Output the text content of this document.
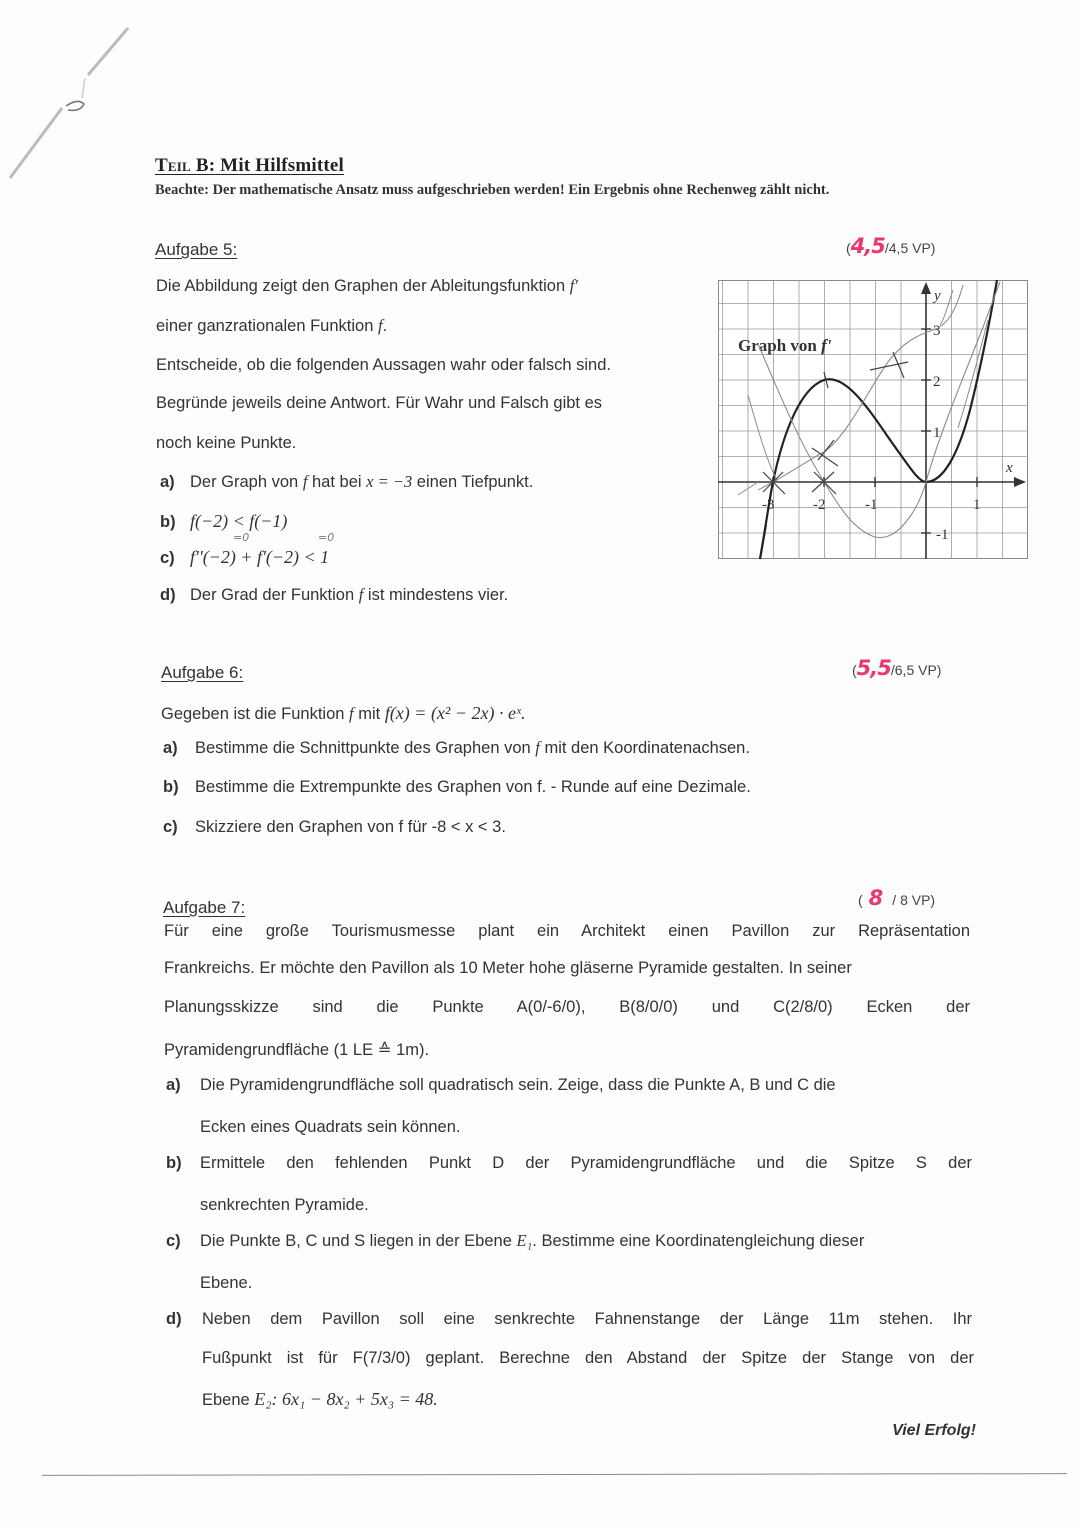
Teil B: Mit Hilfsmittel
Beachte: Der mathematische Ansatz muss aufgeschrieben werden! Ein Ergebnis ohne Rechenweg zählt nicht.
Aufgabe 5:	(4,5/4,5 VP)
Die Abbildung zeigt den Graphen der Ableitungsfunktion f'
einer ganzrationalen Funktion f.
Entscheide, ob die folgenden Aussagen wahr oder falsch sind.
Begründe jeweils deine Antwort. Für Wahr und Falsch gibt es
noch keine Punkte.
a) Der Graph von f hat bei x = −3 einen Tiefpunkt.
b) f(−2) < f(−1)
=0	=0
c) f''(−2) + f'(−2) < 1
d) Der Grad der Funktion f ist mindestens vier.
x
y
-3	-2	-1	1
3
2
1
-1
Graph von f'
Aufgabe 6:	(5,5/6,5 VP)
Gegeben ist die Funktion f mit f(x) = (x² − 2x) · eˣ.
a) Bestimme die Schnittpunkte des Graphen von f mit den Koordinatenachsen.
b) Bestimme die Extrempunkte des Graphen von f. - Runde auf eine Dezimale.
c) Skizziere den Graphen von f für -8 < x < 3.
Aufgabe 7:	( 8 / 8 VP)
Für eine große Tourismusmesse plant ein Architekt einen Pavillon zur Repräsentation
Frankreichs. Er möchte den Pavillon als 10 Meter hohe gläserne Pyramide gestalten. In seiner
Planungsskizze sind die Punkte A(0/-6/0), B(8/0/0) und C(2/8/0) Ecken der
Pyramidengrundfläche (1 LE ≙ 1m).
a) Die Pyramidengrundfläche soll quadratisch sein. Zeige, dass die Punkte A, B und C die
Ecken eines Quadrats sein können.
b)	Ermittele den fehlenden Punkt D der Pyramidengrundfläche und die Spitze S der
senkrechten Pyramide.
c) Die Punkte B, C und S liegen in der Ebene E₁. Bestimme eine Koordinatengleichung dieser
Ebene.
d)	Neben dem Pavillon soll eine senkrechte Fahnenstange der Länge 11m stehen. Ihr
Fußpunkt ist für F(7/3/0) geplant. Berechne den Abstand der Spitze der Stange von der
Ebene E₂: 6x₁ − 8x₂ + 5x₃ = 48.
Viel Erfolg!
